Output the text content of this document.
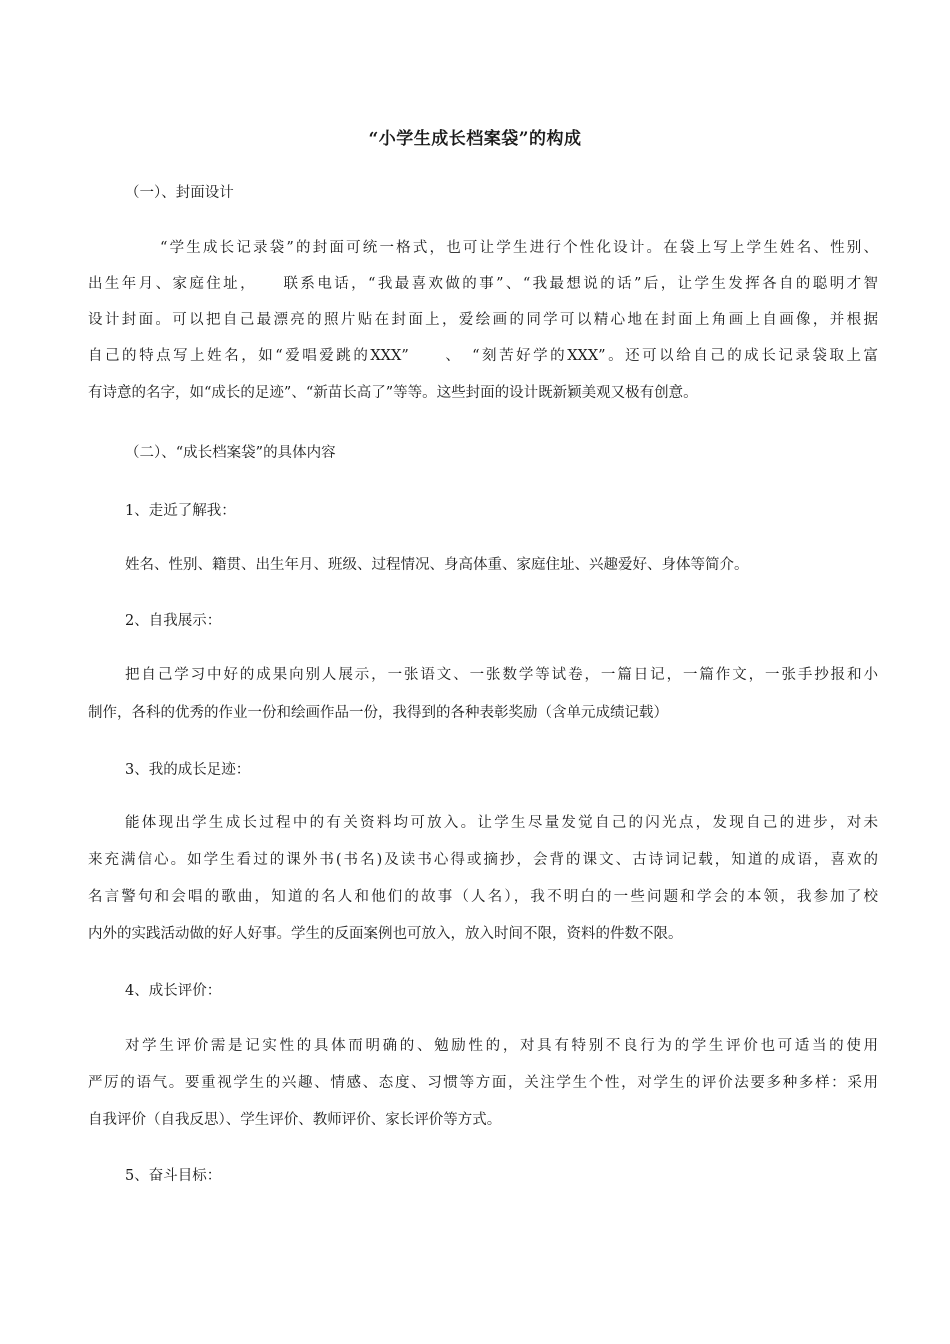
“小学生成长档案袋”的构成
（一）、封面设计
“学生成长记录袋”的封面可统一格式，也可让学生进行个性化设计。在袋上写上学生姓名、性别、
出生年月、家庭住址，　　联系电话，“我最喜欢做的事”、“我最想说的话”后，让学生发挥各自的聪明才智
设计封面。可以把自己最漂亮的照片贴在封面上，爱绘画的同学可以精心地在封面上角画上自画像，并根据
自己的特点写上姓名，如“爱唱爱跳的XXX”　　、　“刻苦好学的XXX”。还可以给自己的成长记录袋取上富
有诗意的名字，如“成长的足迹”、“新苗长高了”等等。这些封面的设计既新颖美观又极有创意。
（二）、“成长档案袋”的具体内容
1、走近了解我：
姓名、性别、籍贯、出生年月、班级、过程情况、身高体重、家庭住址、兴趣爱好、身体等简介。
2、自我展示：
把自己学习中好的成果向别人展示，一张语文、一张数学等试卷，一篇日记，一篇作文，一张手抄报和小
制作，各科的优秀的作业一份和绘画作品一份，我得到的各种表彰奖励（含单元成绩记载）
3、我的成长足迹：
能体现出学生成长过程中的有关资料均可放入。让学生尽量发觉自己的闪光点，发现自己的进步，对未
来充满信心。如学生看过的课外书(书名)及读书心得或摘抄，会背的课文、古诗词记载，知道的成语，喜欢的
名言警句和会唱的歌曲，知道的名人和他们的故事（人名），我不明白的一些问题和学会的本领，我参加了校
内外的实践活动做的好人好事。学生的反面案例也可放入，放入时间不限，资料的件数不限。
4、成长评价：
对学生评价需是记实性的具体而明确的、勉励性的，对具有特别不良行为的学生评价也可适当的使用
严厉的语气。要重视学生的兴趣、情感、态度、习惯等方面，关注学生个性，对学生的评价法要多种多样：采用
自我评价（自我反思）、学生评价、教师评价、家长评价等方式。
5、奋斗目标：
